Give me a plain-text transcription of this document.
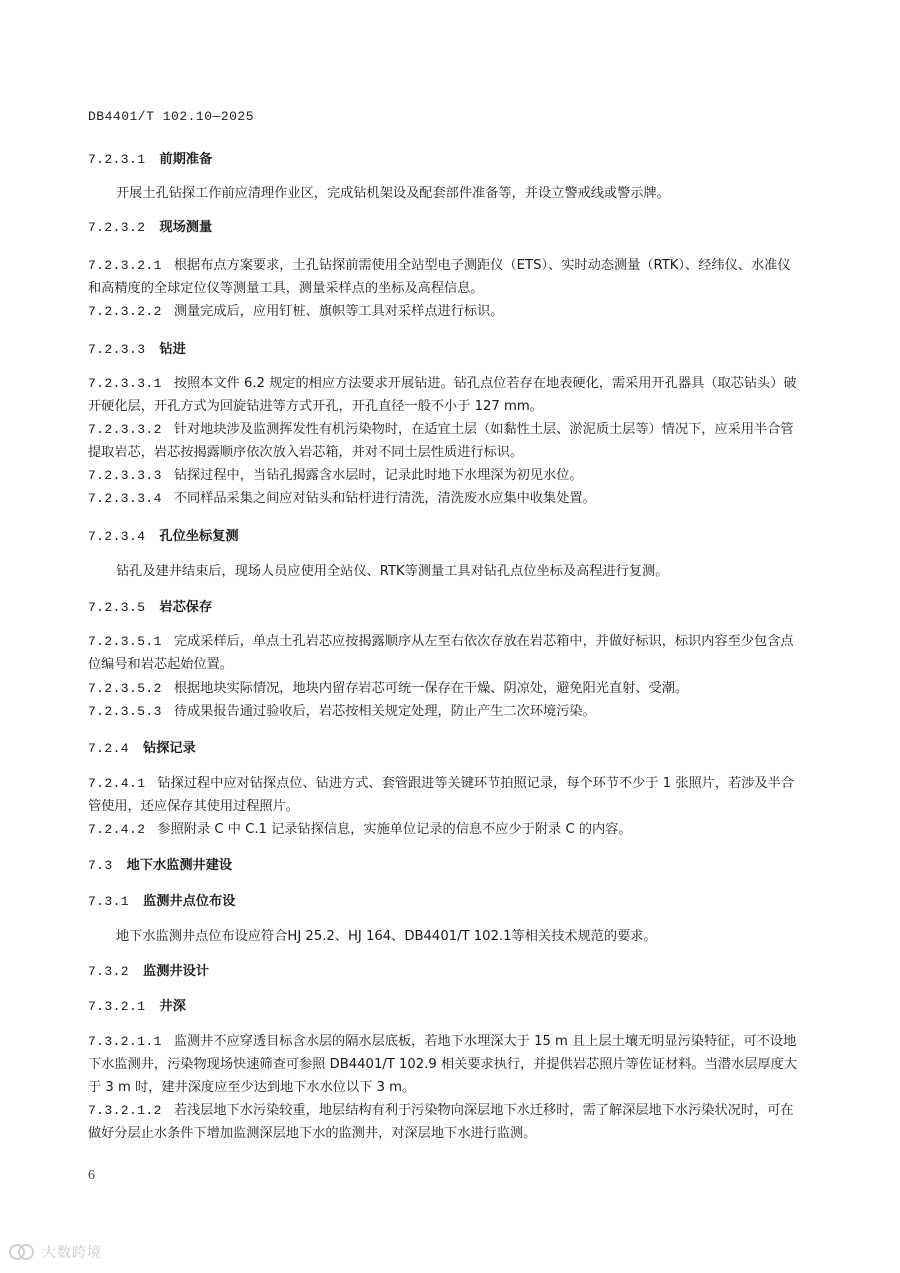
DB4401/T 102.10—2025
7.2.3.1 前期准备
开展土孔钻探工作前应清理作业区，完成钻机架设及配套部件准备等，并设立警戒线或警示牌。
7.2.3.2 现场测量
7.2.3.2.1 根据布点方案要求，土孔钻探前需使用全站型电子测距仪（ETS）、实时动态测量（RTK）、经纬仪、水准仪和高精度的全球定位仪等测量工具，测量采样点的坐标及高程信息。
7.2.3.2.2 测量完成后，应用钉桩、旗帜等工具对采样点进行标识。
7.2.3.3 钻进
7.2.3.3.1 按照本文件 6.2 规定的相应方法要求开展钻进。钻孔点位若存在地表硬化，需采用开孔器具（取芯钻头）破开硬化层，开孔方式为回旋钻进等方式开孔，开孔直径一般不小于 127 mm。
7.2.3.3.2 针对地块涉及监测挥发性有机污染物时，在适宜土层（如黏性土层、淤泥质土层等）情况下，应采用半合管提取岩芯，岩芯按揭露顺序依次放入岩芯箱，并对不同土层性质进行标识。
7.2.3.3.3 钻探过程中，当钻孔揭露含水层时，记录此时地下水埋深为初见水位。
7.2.3.3.4 不同样品采集之间应对钻头和钻杆进行清洗，清洗废水应集中收集处置。
7.2.3.4 孔位坐标复测
钻孔及建井结束后，现场人员应使用全站仪、RTK等测量工具对钻孔点位坐标及高程进行复测。
7.2.3.5 岩芯保存
7.2.3.5.1 完成采样后，单点土孔岩芯应按揭露顺序从左至右依次存放在岩芯箱中，并做好标识，标识内容至少包含点位编号和岩芯起始位置。
7.2.3.5.2 根据地块实际情况，地块内留存岩芯可统一保存在干燥、阴凉处，避免阳光直射、受潮。
7.2.3.5.3 待成果报告通过验收后，岩芯按相关规定处理，防止产生二次环境污染。
7.2.4 钻探记录
7.2.4.1 钻探过程中应对钻探点位、钻进方式、套管跟进等关键环节拍照记录，每个环节不少于 1 张照片，若涉及半合管使用，还应保存其使用过程照片。
7.2.4.2 参照附录 C 中 C.1 记录钻探信息，实施单位记录的信息不应少于附录 C 的内容。
7.3 地下水监测井建设
7.3.1 监测井点位布设
地下水监测井点位布设应符合HJ 25.2、HJ 164、DB4401/T 102.1等相关技术规范的要求。
7.3.2 监测井设计
7.3.2.1 井深
7.3.2.1.1 监测井不应穿透目标含水层的隔水层底板，若地下水埋深大于 15 m 且上层土壤无明显污染特征，可不设地下水监测井，污染物现场快速筛查可参照 DB4401/T 102.9 相关要求执行，并提供岩芯照片等佐证材料。当潜水层厚度大于 3 m 时，建井深度应至少达到地下水水位以下 3 m。
7.3.2.1.2 若浅层地下水污染较重，地层结构有利于污染物向深层地下水迁移时，需了解深层地下水污染状况时，可在做好分层止水条件下增加监测深层地下水的监测井，对深层地下水进行监测。
6
大数跨境
